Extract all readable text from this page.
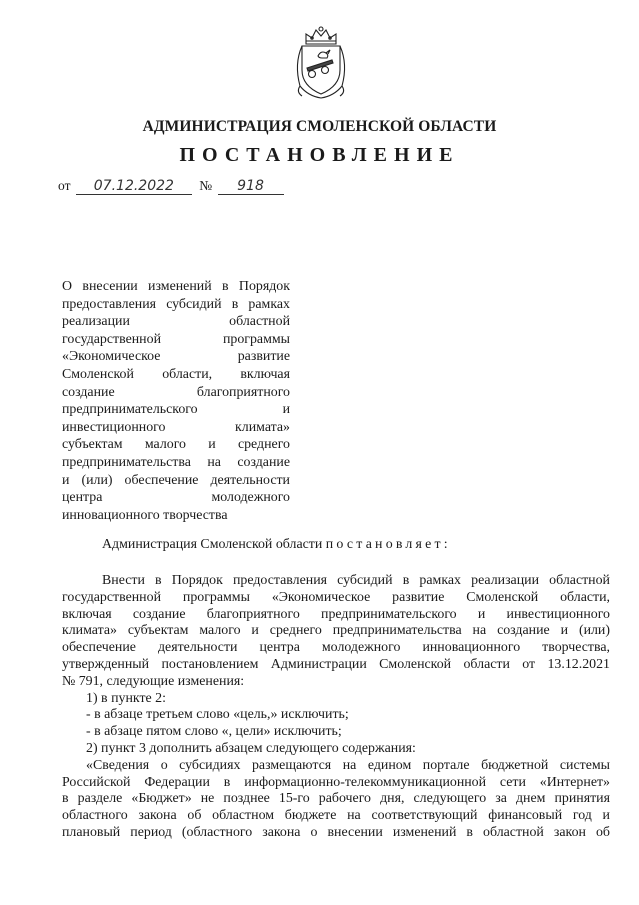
АДМИНИСТРАЦИЯ СМОЛЕНСКОЙ ОБЛАСТИ
ПОСТАНОВЛЕНИЕ
от 07.12.2022 № 918
О внесении изменений в Порядок
предоставления субсидий в рамках
реализации областной
государственной программы
«Экономическое развитие
Смоленской области, включая
создание благоприятного
предпринимательского и
инвестиционного климата»
субъектам малого и среднего
предпринимательства на создание
и (или) обеспечение деятельности
центра молодежного
инновационного творчества
Администрация Смоленской области постановляет:
Внести в Порядок предоставления субсидий в рамках реализации областной
государственной программы «Экономическое развитие Смоленской области,
включая создание благоприятного предпринимательского и инвестиционного
климата» субъектам малого и среднего предпринимательства на создание и (или)
обеспечение деятельности центра молодежного инновационного творчества,
утвержденный постановлением Администрации Смоленской области от 13.12.2021
№ 791, следующие изменения:
1) в пункте 2:
- в абзаце третьем слово «цель,» исключить;
- в абзаце пятом слово «, цели» исключить;
2) пункт 3 дополнить абзацем следующего содержания:
«Сведения о субсидиях размещаются на едином портале бюджетной системы
Российской Федерации в информационно-телекоммуникационной сети «Интернет»
в разделе «Бюджет» не позднее 15-го рабочего дня, следующего за днем принятия
областного закона об областном бюджете на соответствующий финансовый год и
плановый период (областного закона о внесении изменений в областной закон об
